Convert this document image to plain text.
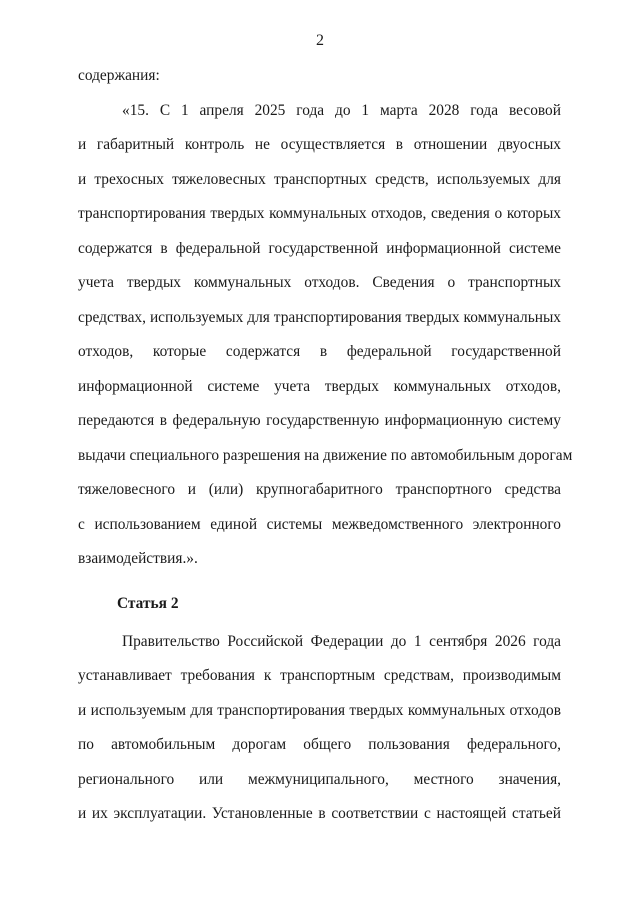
2
содержания:
«15. С 1 апреля 2025 года до 1 марта 2028 года весовой
и габаритный контроль не осуществляется в отношении двуосных
и трехосных тяжеловесных транспортных средств, используемых для
транспортирования твердых коммунальных отходов, сведения о которых
содержатся в федеральной государственной информационной системе
учета твердых коммунальных отходов. Сведения о транспортных
средствах, используемых для транспортирования твердых коммунальных
отходов, которые содержатся в федеральной государственной
информационной системе учета твердых коммунальных отходов,
передаются в федеральную государственную информационную систему
выдачи специального разрешения на движение по автомобильным дорогам
тяжеловесного и (или) крупногабаритного транспортного средства
с использованием единой системы межведомственного электронного
взаимодействия.».
Статья 2
Правительство Российской Федерации до 1 сентября 2026 года
устанавливает требования к транспортным средствам, производимым
и используемым для транспортирования твердых коммунальных отходов
по автомобильным дорогам общего пользования федерального,
регионального или межмуниципального, местного значения,
и их эксплуатации. Установленные в соответствии с настоящей статьей
